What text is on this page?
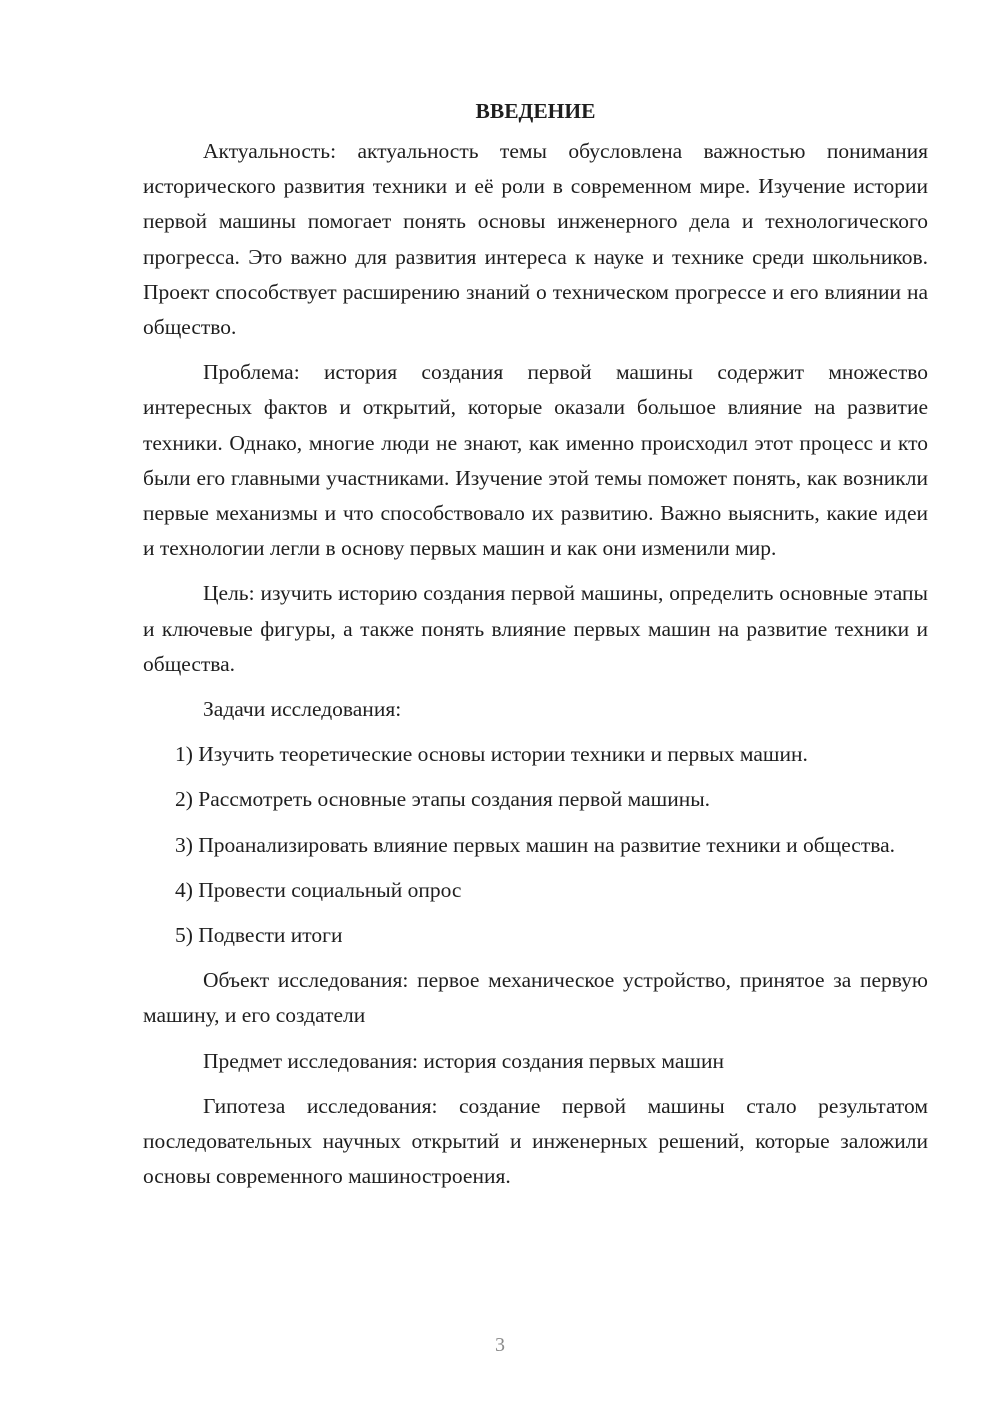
ВВЕДЕНИЕ

Актуальность: актуальность темы обусловлена важностью понимания исторического развития техники и её роли в современном мире. Изучение истории первой машины помогает понять основы инженерного дела и технологического прогресса. Это важно для развития интереса к науке и технике среди школьников. Проект способствует расширению знаний о техническом прогрессе и его влиянии на общество.

Проблема: история создания первой машины содержит множество интересных фактов и открытий, которые оказали большое влияние на развитие техники. Однако, многие люди не знают, как именно происходил этот процесс и кто были его главными участниками. Изучение этой темы поможет понять, как возникли первые механизмы и что способствовало их развитию. Важно выяснить, какие идеи и технологии легли в основу первых машин и как они изменили мир.

Цель: изучить историю создания первой машины, определить основные этапы и ключевые фигуры, а также понять влияние первых машин на развитие техники и общества.

Задачи исследования:

1) Изучить теоретические основы истории техники и первых машин.

2) Рассмотреть основные этапы создания первой машины.

3) Проанализировать влияние первых машин на развитие техники и общества.

4) Провести социальный опрос

5) Подвести итоги

Объект исследования: первое механическое устройство, принятое за первую машину, и его создатели

Предмет исследования: история создания первых машин

Гипотеза исследования: создание первой машины стало результатом последовательных научных открытий и инженерных решений, которые заложили основы современного машиностроения.

3
